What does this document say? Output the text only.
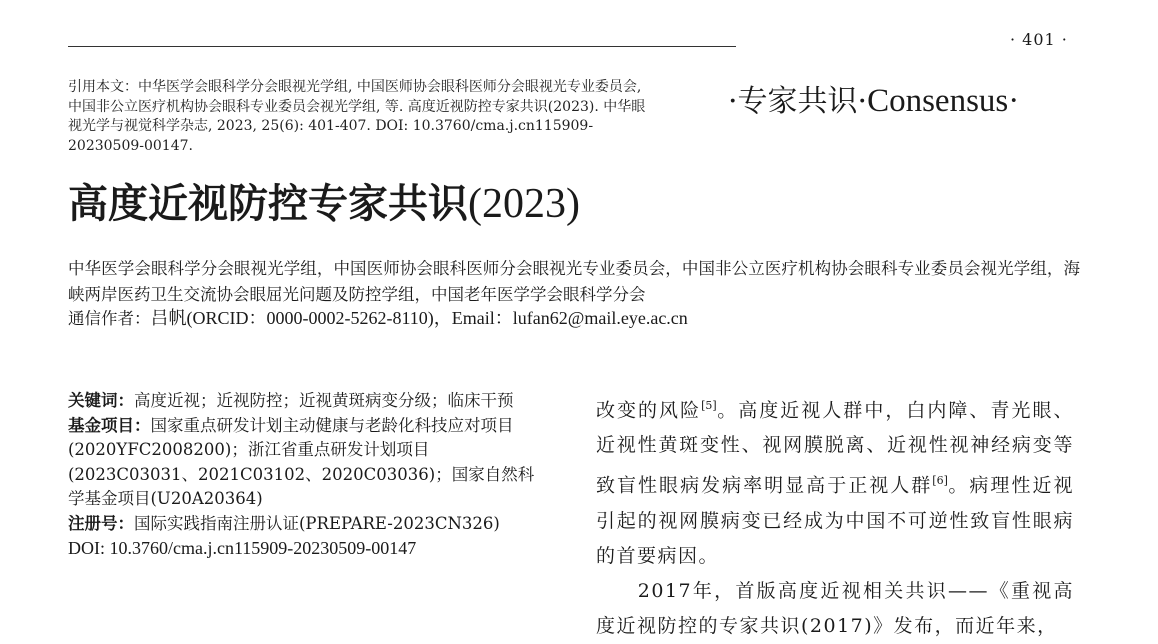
· 401 ·
引用本文：中华医学会眼科学分会眼视光学组, 中国医师协会眼科医师分会眼视光专业委员会, 中国非公立医疗机构协会眼科专业委员会视光学组, 等. 高度近视防控专家共识(2023). 中华眼视光学与视觉科学杂志, 2023, 25(6): 401-407. DOI: 10.3760/cma.j.cn115909-20230509-00147.
·专家共识·Consensus·
高度近视防控专家共识(2023)
中华医学会眼科学分会眼视光学组，中国医师协会眼科医师分会眼视光专业委员会，中国非公立医疗机构协会眼科专业委员会视光学组，海峡两岸医药卫生交流协会眼屈光问题及防控学组，中国老年医学学会眼科学分会
通信作者：吕帆(ORCID：0000-0002-5262-8110)，Email：lufan62@mail.eye.ac.cn
关键词：高度近视；近视防控；近视黄斑病变分级；临床干预
基金项目：国家重点研发计划主动健康与老龄化科技应对项目(2020YFC2008200)；浙江省重点研发计划项目(2023C03031、2021C03102、2020C03036)；国家自然科学基金项目(U20A20364)
注册号：国际实践指南注册认证(PREPARE-2023CN326)
DOI: 10.3760/cma.j.cn115909-20230509-00147

改变的风险[5]。高度近视人群中，白内障、青光眼、近视性黄斑变性、视网膜脱离、近视性视神经病变等致盲性眼病发病率明显高于正视人群[6]。病理性近视引起的视网膜病变已经成为中国不可逆性致盲性眼病的首要病因。

2017年，首版高度近视相关共识——《重视高度近视防控的专家共识(2017)》发布，而近年来，
